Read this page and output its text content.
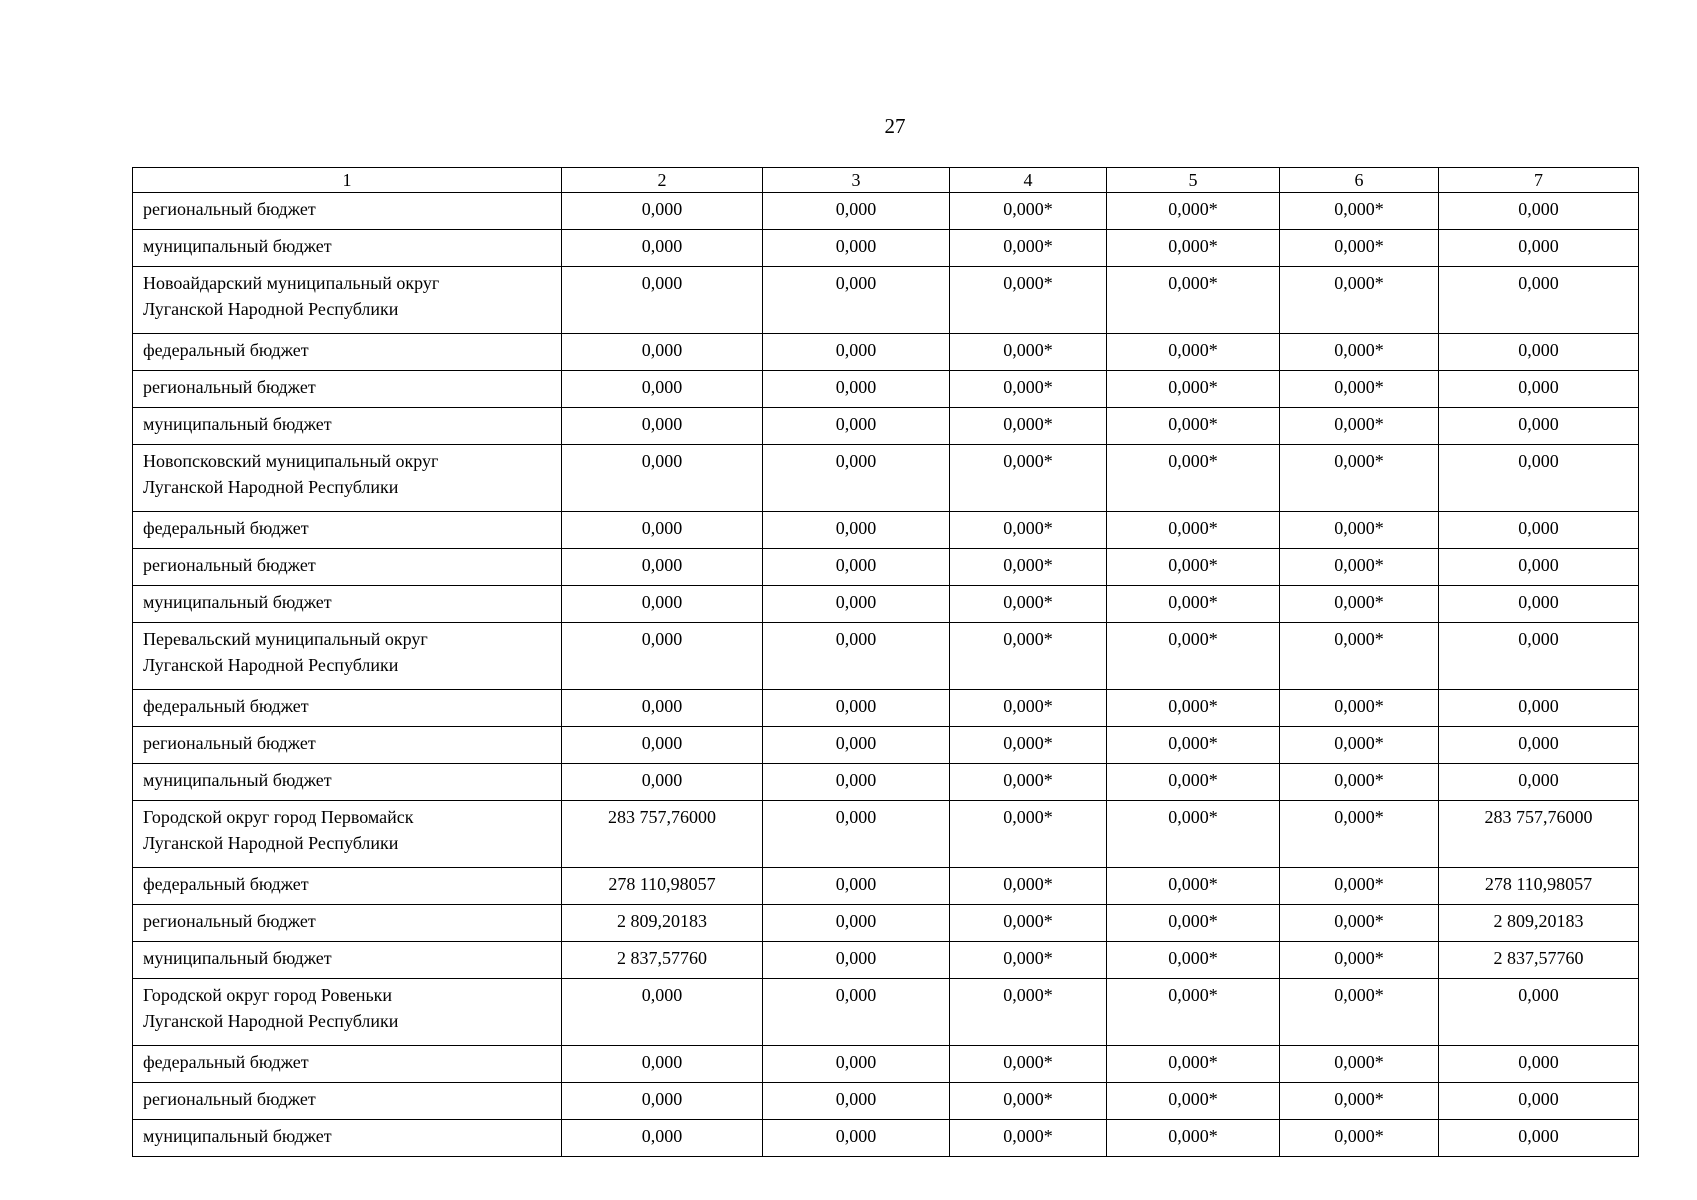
27
1	2	3	4	5	6	7

региональный бюджет	0,000	0,000	0,000*	0,000*	0,000*	0,000

муниципальный бюджет	0,000	0,000	0,000*	0,000*	0,000*	0,000

Новоайдарский муниципальный округ
Луганской Народной Республики	0,000	0,000	0,000*	0,000*	0,000*	0,000

федеральный бюджет	0,000	0,000	0,000*	0,000*	0,000*	0,000

региональный бюджет	0,000	0,000	0,000*	0,000*	0,000*	0,000

муниципальный бюджет	0,000	0,000	0,000*	0,000*	0,000*	0,000

Новопсковский муниципальный округ
Луганской Народной Республики	0,000	0,000	0,000*	0,000*	0,000*	0,000

федеральный бюджет	0,000	0,000	0,000*	0,000*	0,000*	0,000

региональный бюджет	0,000	0,000	0,000*	0,000*	0,000*	0,000

муниципальный бюджет	0,000	0,000	0,000*	0,000*	0,000*	0,000

Перевальский муниципальный округ
Луганской Народной Республики	0,000	0,000	0,000*	0,000*	0,000*	0,000

федеральный бюджет	0,000	0,000	0,000*	0,000*	0,000*	0,000

региональный бюджет	0,000	0,000	0,000*	0,000*	0,000*	0,000

муниципальный бюджет	0,000	0,000	0,000*	0,000*	0,000*	0,000

Городской округ город Первомайск
Луганской Народной Республики	283 757,76000	0,000	0,000*	0,000*	0,000*	283 757,76000

федеральный бюджет	278 110,98057	0,000	0,000*	0,000*	0,000*	278 110,98057

региональный бюджет	2 809,20183	0,000	0,000*	0,000*	0,000*	2 809,20183

муниципальный бюджет	2 837,57760	0,000	0,000*	0,000*	0,000*	2 837,57760

Городской округ город Ровеньки
Луганской Народной Республики	0,000	0,000	0,000*	0,000*	0,000*	0,000

федеральный бюджет	0,000	0,000	0,000*	0,000*	0,000*	0,000

региональный бюджет	0,000	0,000	0,000*	0,000*	0,000*	0,000

муниципальный бюджет	0,000	0,000	0,000*	0,000*	0,000*	0,000
